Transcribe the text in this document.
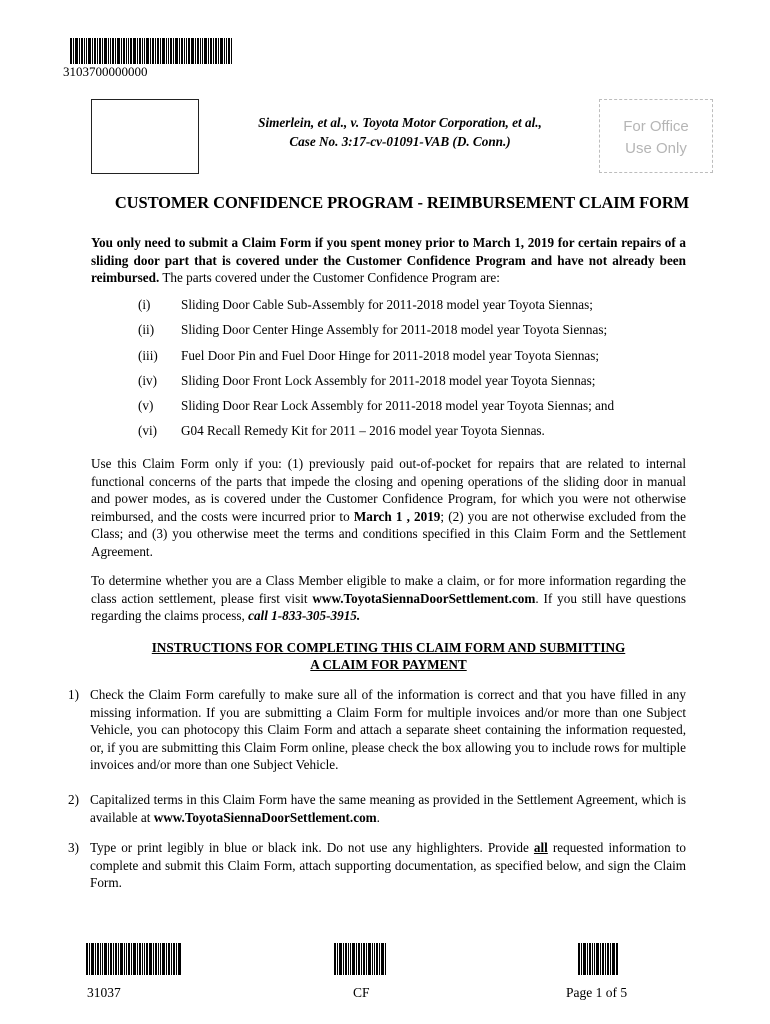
3103700000000
Simerlein, et al., v. Toyota Motor Corporation, et al.,
Case No. 3:17-cv-01091-VAB (D. Conn.)
For Office
Use Only
CUSTOMER CONFIDENCE PROGRAM - REIMBURSEMENT CLAIM FORM
You only need to submit a Claim Form if you spent money prior to March 1, 2019 for certain repairs of a sliding door part that is covered under the Customer Confidence Program and have not already been reimbursed. The parts covered under the Customer Confidence Program are:
(i) Sliding Door Cable Sub-Assembly for 2011-2018 model year Toyota Siennas;
(ii) Sliding Door Center Hinge Assembly for 2011-2018 model year Toyota Siennas;
(iii) Fuel Door Pin and Fuel Door Hinge for 2011-2018 model year Toyota Siennas;
(iv) Sliding Door Front Lock Assembly for 2011-2018 model year Toyota Siennas;
(v) Sliding Door Rear Lock Assembly for 2011-2018 model year Toyota Siennas; and
(vi) G04 Recall Remedy Kit for 2011 – 2016 model year Toyota Siennas.
Use this Claim Form only if you: (1) previously paid out-of-pocket for repairs that are related to internal functional concerns of the parts that impede the closing and opening operations of the sliding door in manual and power modes, as is covered under the Customer Confidence Program, for which you were not otherwise reimbursed, and the costs were incurred prior to March 1 , 2019; (2) you are not otherwise excluded from the Class; and (3) you otherwise meet the terms and conditions specified in this Claim Form and the Settlement Agreement.
To determine whether you are a Class Member eligible to make a claim, or for more information regarding the class action settlement, please first visit www.ToyotaSiennaDoorSettlement.com. If you still have questions regarding the claims process, call 1-833-305-3915.
INSTRUCTIONS FOR COMPLETING THIS CLAIM FORM AND SUBMITTING
A CLAIM FOR PAYMENT
1) Check the Claim Form carefully to make sure all of the information is correct and that you have filled in any missing information. If you are submitting a Claim Form for multiple invoices and/or more than one Subject Vehicle, you can photocopy this Claim Form and attach a separate sheet containing the information requested, or, if you are submitting this Claim Form online, please check the box allowing you to include rows for multiple invoices and/or more than one Subject Vehicle.
2) Capitalized terms in this Claim Form have the same meaning as provided in the Settlement Agreement, which is available at www.ToyotaSiennaDoorSettlement.com.
3) Type or print legibly in blue or black ink. Do not use any highlighters. Provide all requested information to complete and submit this Claim Form, attach supporting documentation, as specified below, and sign the Claim Form.
31037	CF	Page 1 of 5
